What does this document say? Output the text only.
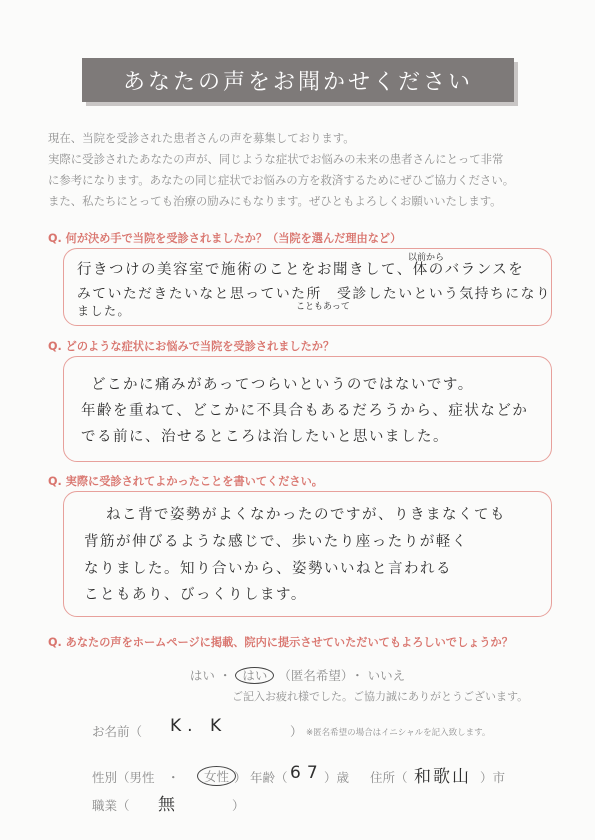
あなたの声をお聞かせください
現在、当院を受診された患者さんの声を募集しております。
実際に受診されたあなたの声が、同じような症状でお悩みの未来の患者さんにとって非常
に参考になります。あなたの同じ症状でお悩みの方を救済するためにぜひご協力ください。
また、私たちにとっても治療の励みにもなります。ぜひともよろしくお願いいたします。
Q. 何が決め手で当院を受診されましたか？（当院を選んだ理由など）
行きつけの美容室で施術のことをお聞きして、体のバランスを
以前から
みていただきたいなと思っていた所　受診したいという気持ちになり
こともあって
ました。
Q. どのような症状にお悩みで当院を受診されましたか？
どこかに痛みがあってつらいというのではないです。
年齢を重ねて、どこかに不具合もあるだろうから、症状などか
でる前に、治せるところは治したいと思いました。
Q. 実際に受診されてよかったことを書いてください。
ねこ背で姿勢がよくなかったのですが、りきまなくても
背筋が伸びるような感じで、歩いたり座ったりが軽く
なりました。知り合いから、姿勢いいねと言われる
こともあり、びっくりします。
Q. あなたの声をホームページに掲載、院内に提示させていただいてもよろしいでしょうか？
はい ・ はい （匿名希望） ・ いいえ
ご記入お疲れ様でした。ご協力誠にありがとうございます。
お名前（ K. K	） ※匿名希望の場合はイニシャルを記入致します。
性別（男性　・	女性 ） 年齢（ 67 ）歳 住所（ 和歌山 ）市
職業（ 無	）
